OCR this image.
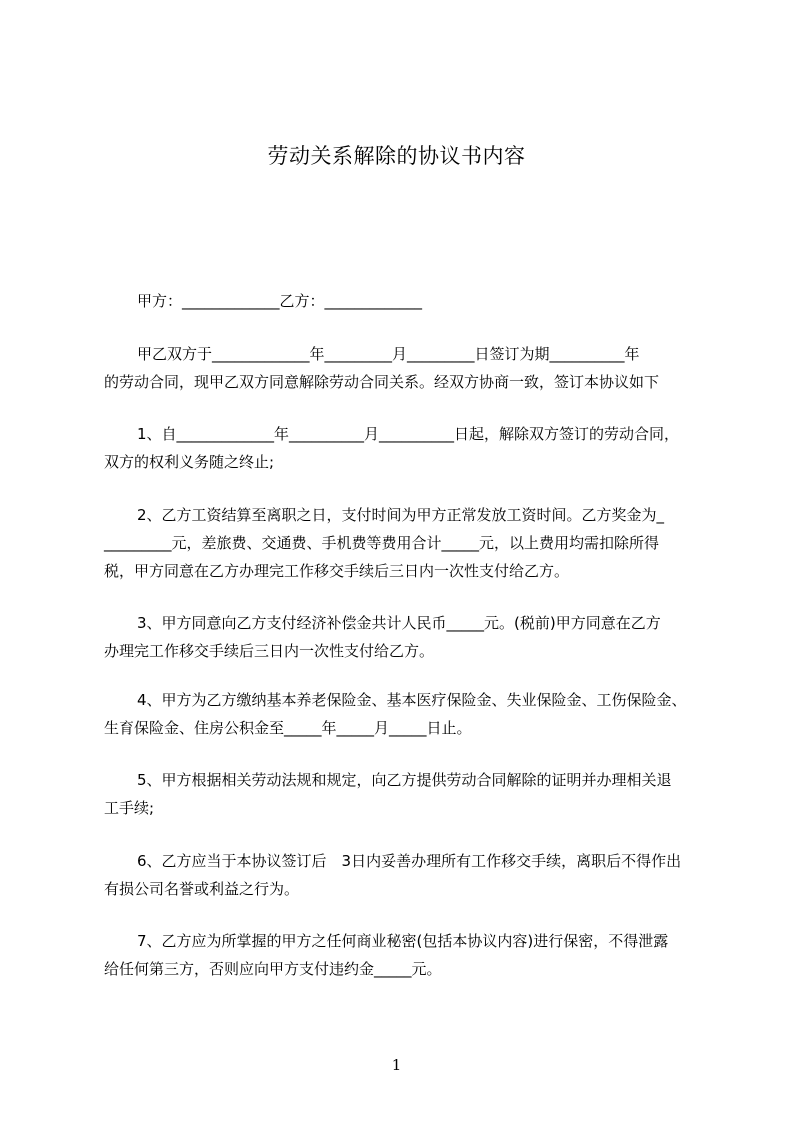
劳动关系解除的协议书内容
甲方：_____________乙方：_____________
甲乙双方于_____________年_________月_________日签订为期__________年
的劳动合同，现甲乙双方同意解除劳动合同关系。经双方协商一致，签订本协议如下
1、自_____________年__________月__________日起，解除双方签订的劳动合同，
双方的权利义务随之终止;
2、乙方工资结算至离职之日，支付时间为甲方正常发放工资时间。乙方奖金为_
_________元，差旅费、交通费、手机费等费用合计_____元，以上费用均需扣除所得
税，甲方同意在乙方办理完工作移交手续后三日内一次性支付给乙方。
3、甲方同意向乙方支付经济补偿金共计人民币_____元。(税前)甲方同意在乙方
办理完工作移交手续后三日内一次性支付给乙方。
4、甲方为乙方缴纳基本养老保险金、基本医疗保险金、失业保险金、工伤保险金、
生育保险金、住房公积金至_____年_____月_____日止。
5、甲方根据相关劳动法规和规定，向乙方提供劳动合同解除的证明并办理相关退
工手续;
6、乙方应当于本协议签订后　3日内妥善办理所有工作移交手续，离职后不得作出
有损公司名誉或利益之行为。
7、乙方应为所掌握的甲方之任何商业秘密(包括本协议内容)进行保密，不得泄露
给任何第三方，否则应向甲方支付违约金_____元。
1
